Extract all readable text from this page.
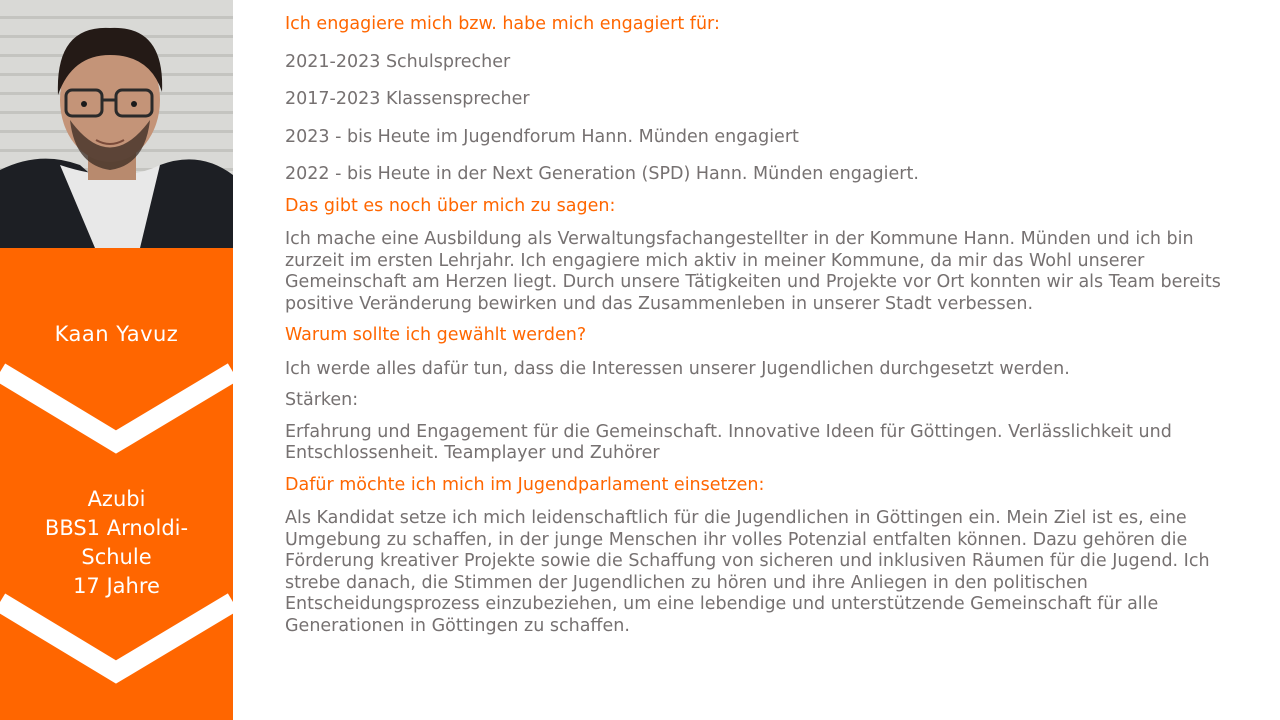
Kaan Yavuz
Azubi
BBS1 Arnoldi-
Schule
17 Jahre
Ich engagiere mich bzw. habe mich engagiert für:

2021-2023 Schulsprecher

2017-2023 Klassensprecher

2023 - bis Heute im Jugendforum Hann. Münden engagiert

2022 - bis Heute in der Next Generation (SPD) Hann. Münden engagiert.

Das gibt es noch über mich zu sagen:

Ich mache eine Ausbildung als Verwaltungsfachangestellter in der Kommune Hann. Münden und ich bin zurzeit im ersten Lehrjahr. Ich engagiere mich aktiv in meiner Kommune, da mir das Wohl unserer Gemeinschaft am Herzen liegt. Durch unsere Tätigkeiten und Projekte vor Ort konnten wir als Team bereits positive Veränderung bewirken und das Zusammenleben in unserer Stadt verbessen.

Warum sollte ich gewählt werden?

Ich werde alles dafür tun, dass die Interessen unserer Jugendlichen durchgesetzt werden.

Stärken:

Erfahrung und Engagement für die Gemeinschaft. Innovative Ideen für Göttingen. Verlässlichkeit und Entschlossenheit. Teamplayer und Zuhörer

Dafür möchte ich mich im Jugendparlament einsetzen:

Als Kandidat setze ich mich leidenschaftlich für die Jugendlichen in Göttingen ein. Mein Ziel ist es, eine Umgebung zu schaffen, in der junge Menschen ihr volles Potenzial entfalten können. Dazu gehören die Förderung kreativer Projekte sowie die Schaffung von sicheren und inklusiven Räumen für die Jugend. Ich strebe danach, die Stimmen der Jugendlichen zu hören und ihre Anliegen in den politischen Entscheidungsprozess einzubeziehen, um eine lebendige und unterstützende Gemeinschaft für alle Generationen in Göttingen zu schaffen.
